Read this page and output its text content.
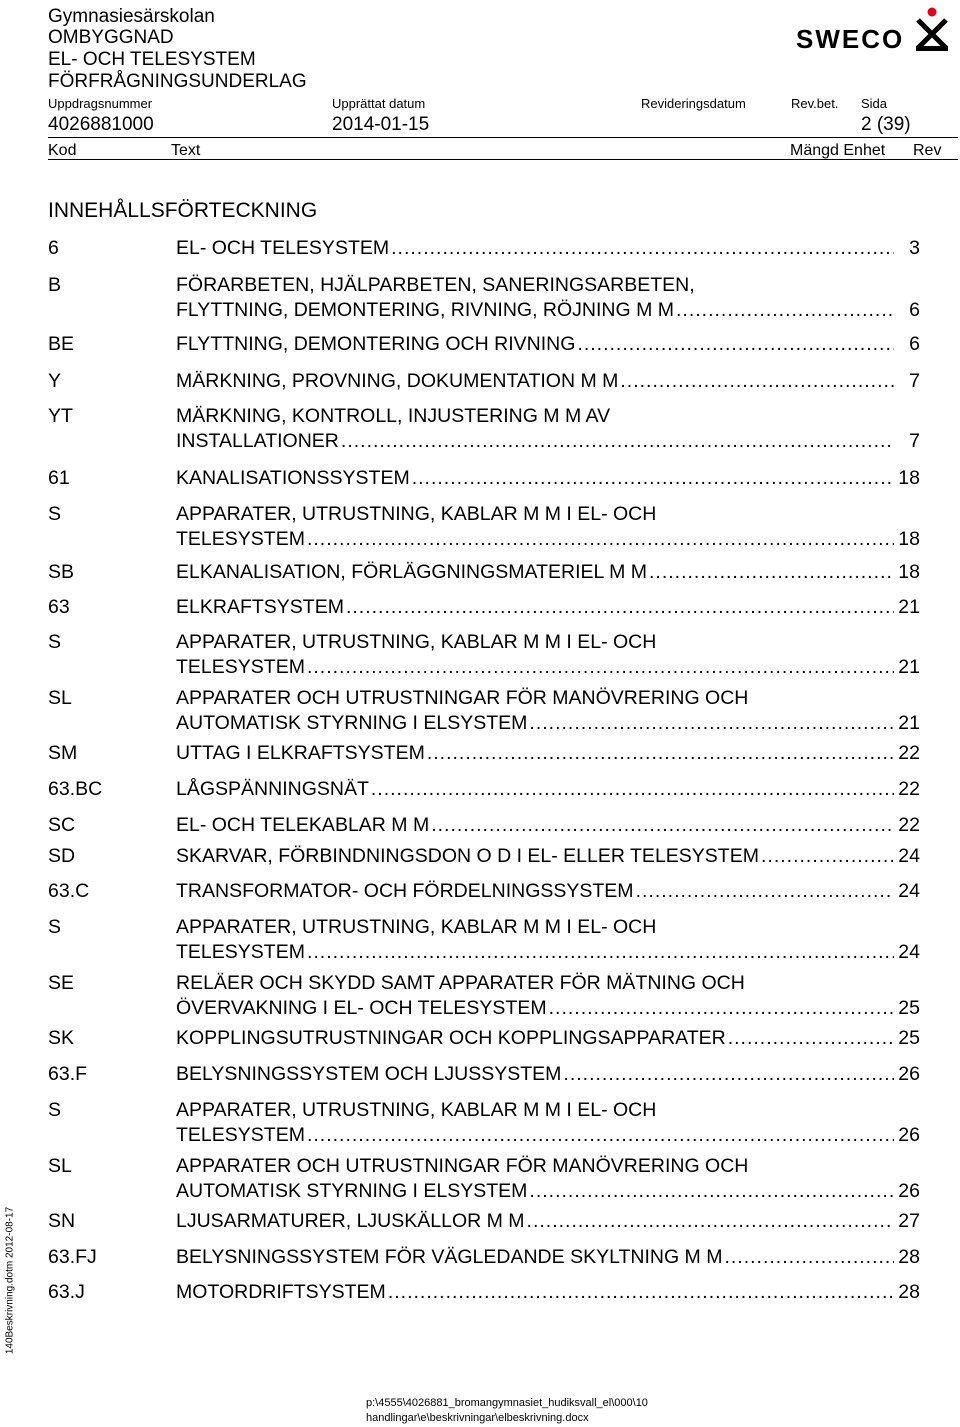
Gymnasiesärskolan
OMBYGGNAD
EL- OCH TELESYSTEM
FÖRFRÅGNINGSUNDERLAG
SWECO
Uppdragsnummer	Upprättat datum	Revideringsdatum	Rev.bet. Sida
4026881000	2014-01-15	2 (39)
Kod	Text	Mängd Enhet Rev
INNEHÅLLSFÖRTECKNING
6	EL- OCH TELESYSTEM .....	3
B	FÖRARBETEN, HJÄLPARBETEN, SANERINGSARBETEN,
FLYTTNING, DEMONTERING, RIVNING, RÖJNING M M .....	6
BE	FLYTTNING, DEMONTERING OCH RIVNING .....	6
Y	MÄRKNING, PROVNING, DOKUMENTATION M M .....	7
YT	MÄRKNING, KONTROLL, INJUSTERING M M AV
INSTALLATIONER .....	7
61	KANALISATIONSSYSTEM .....	18
S	APPARATER, UTRUSTNING, KABLAR M M I EL- OCH
TELESYSTEM .....	18
SB	ELKANALISATION, FÖRLÄGGNINGSMATERIEL M M .....	18
63	ELKRAFTSYSTEM .....	21
S	APPARATER, UTRUSTNING, KABLAR M M I EL- OCH
TELESYSTEM .....	21
SL	APPARATER OCH UTRUSTNINGAR FÖR MANÖVRERING OCH
AUTOMATISK STYRNING I ELSYSTEM .....	21
SM	UTTAG I ELKRAFTSYSTEM .....	22
63.BC	LÅGSPÄNNINGSNÄT .....	22
SC	EL- OCH TELEKABLAR M M .....	22
SD	SKARVAR, FÖRBINDNINGSDON O D I EL- ELLER TELESYSTEM .....	24
63.C	TRANSFORMATOR- OCH FÖRDELNINGSSYSTEM .....	24
S	APPARATER, UTRUSTNING, KABLAR M M I EL- OCH
TELESYSTEM .....	24
SE	RELÄER OCH SKYDD SAMT APPARATER FÖR MÄTNING OCH
ÖVERVAKNING I EL- OCH TELESYSTEM .....	25
SK	KOPPLINGSUTRUSTNINGAR OCH KOPPLINGSAPPARATER .....	25
63.F	BELYSNINGSSYSTEM OCH LJUSSYSTEM .....	26
S	APPARATER, UTRUSTNING, KABLAR M M I EL- OCH
TELESYSTEM .....	26
SL	APPARATER OCH UTRUSTNINGAR FÖR MANÖVRERING OCH
AUTOMATISK STYRNING I ELSYSTEM .....	26
SN	LJUSARMATURER, LJUSKÄLLOR M M .....	27
63.FJ	BELYSNINGSSYSTEM FÖR VÄGLEDANDE SKYLTNING M M .....	28
63.J	MOTORDRIFTSYSTEM .....	28
140Beskrivning.dotm 2012-08-17
p:\4555\4026881_bromangymnasiet_hudiksvall_el\000\10
handlingar\e\beskrivningar\elbeskrivning.docx
